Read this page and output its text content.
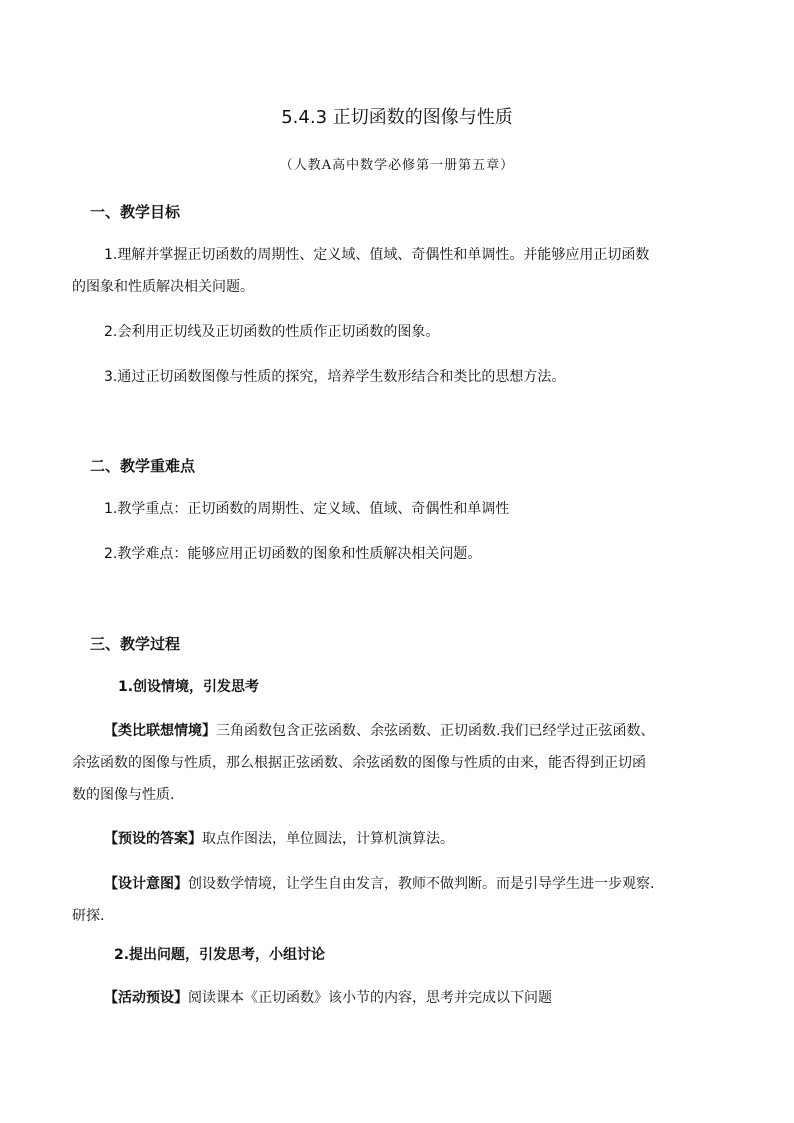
5.4.3 正切函数的图像与性质
（人教A高中数学必修第一册第五章）
一、教学目标
1.理解并掌握正切函数的周期性、定义域、值域、奇偶性和单调性。并能够应用正切函数
的图象和性质解决相关问题。
2.会利用正切线及正切函数的性质作正切函数的图象。
3.通过正切函数图像与性质的探究，培养学生数形结合和类比的思想方法。
二、教学重难点
1.教学重点：正切函数的周期性、定义域、值域、奇偶性和单调性
2.教学难点：能够应用正切函数的图象和性质解决相关问题。
三、教学过程
1.创设情境，引发思考
【类比联想情境】三角函数包含正弦函数、余弦函数、正切函数.我们已经学过正弦函数、
余弦函数的图像与性质，那么根据正弦函数、余弦函数的图像与性质的由来，能否得到正切函
数的图像与性质.
【预设的答案】取点作图法，单位圆法，计算机演算法。
【设计意图】创设数学情境，让学生自由发言，教师不做判断。而是引导学生进一步观察.
研探.
2.提出问题，引发思考，小组讨论
【活动预设】阅读课本《正切函数》该小节的内容，思考并完成以下问题
